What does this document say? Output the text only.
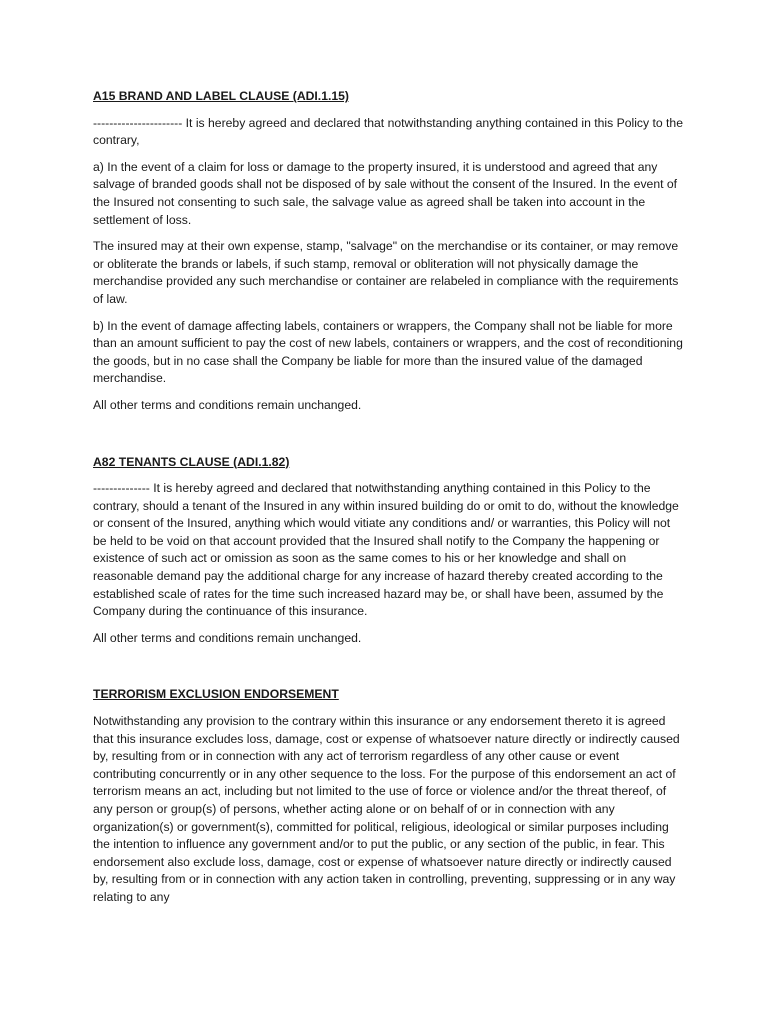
A15 BRAND AND LABEL CLAUSE (ADI.1.15)

---------------------- It is hereby agreed and declared that notwithstanding anything contained in this Policy to the contrary,

a) In the event of a claim for loss or damage to the property insured, it is understood and agreed that any salvage of branded goods shall not be disposed of by sale without the consent of the Insured. In the event of the Insured not consenting to such sale, the salvage value as agreed shall be taken into account in the settlement of loss.

The insured may at their own expense, stamp, "salvage" on the merchandise or its container, or may remove or obliterate the brands or labels, if such stamp, removal or obliteration will not physically damage the merchandise provided any such merchandise or container are relabeled in compliance with the requirements of law.

b) In the event of damage affecting labels, containers or wrappers, the Company shall not be liable for more than an amount sufficient to pay the cost of new labels, containers or wrappers, and the cost of reconditioning the goods, but in no case shall the Company be liable for more than the insured value of the damaged merchandise.

All other terms and conditions remain unchanged.

A82 TENANTS CLAUSE (ADI.1.82)

-------------- It is hereby agreed and declared that notwithstanding anything contained in this Policy to the contrary, should a tenant of the Insured in any within insured building do or omit to do, without the knowledge or consent of the Insured, anything which would vitiate any conditions and/ or warranties, this Policy will not be held to be void on that account provided that the Insured shall notify to the Company the happening or existence of such act or omission as soon as the same comes to his or her knowledge and shall on reasonable demand pay the additional charge for any increase of hazard thereby created according to the established scale of rates for the time such increased hazard may be, or shall have been, assumed by the Company during the continuance of this insurance.

All other terms and conditions remain unchanged.

TERRORISM EXCLUSION ENDORSEMENT

Notwithstanding any provision to the contrary within this insurance or any endorsement thereto it is agreed that this insurance excludes loss, damage, cost or expense of whatsoever nature directly or indirectly caused by, resulting from or in connection with any act of terrorism regardless of any other cause or event contributing concurrently or in any other sequence to the loss. For the purpose of this endorsement an act of terrorism means an act, including but not limited to the use of force or violence and/or the threat thereof, of any person or group(s) of persons, whether acting alone or on behalf of or in connection with any organization(s) or government(s), committed for political, religious, ideological or similar purposes including the intention to influence any government and/or to put the public, or any section of the public, in fear. This endorsement also exclude loss, damage, cost or expense of whatsoever nature directly or indirectly caused by, resulting from or in connection with any action taken in controlling, preventing, suppressing or in any way relating to any
